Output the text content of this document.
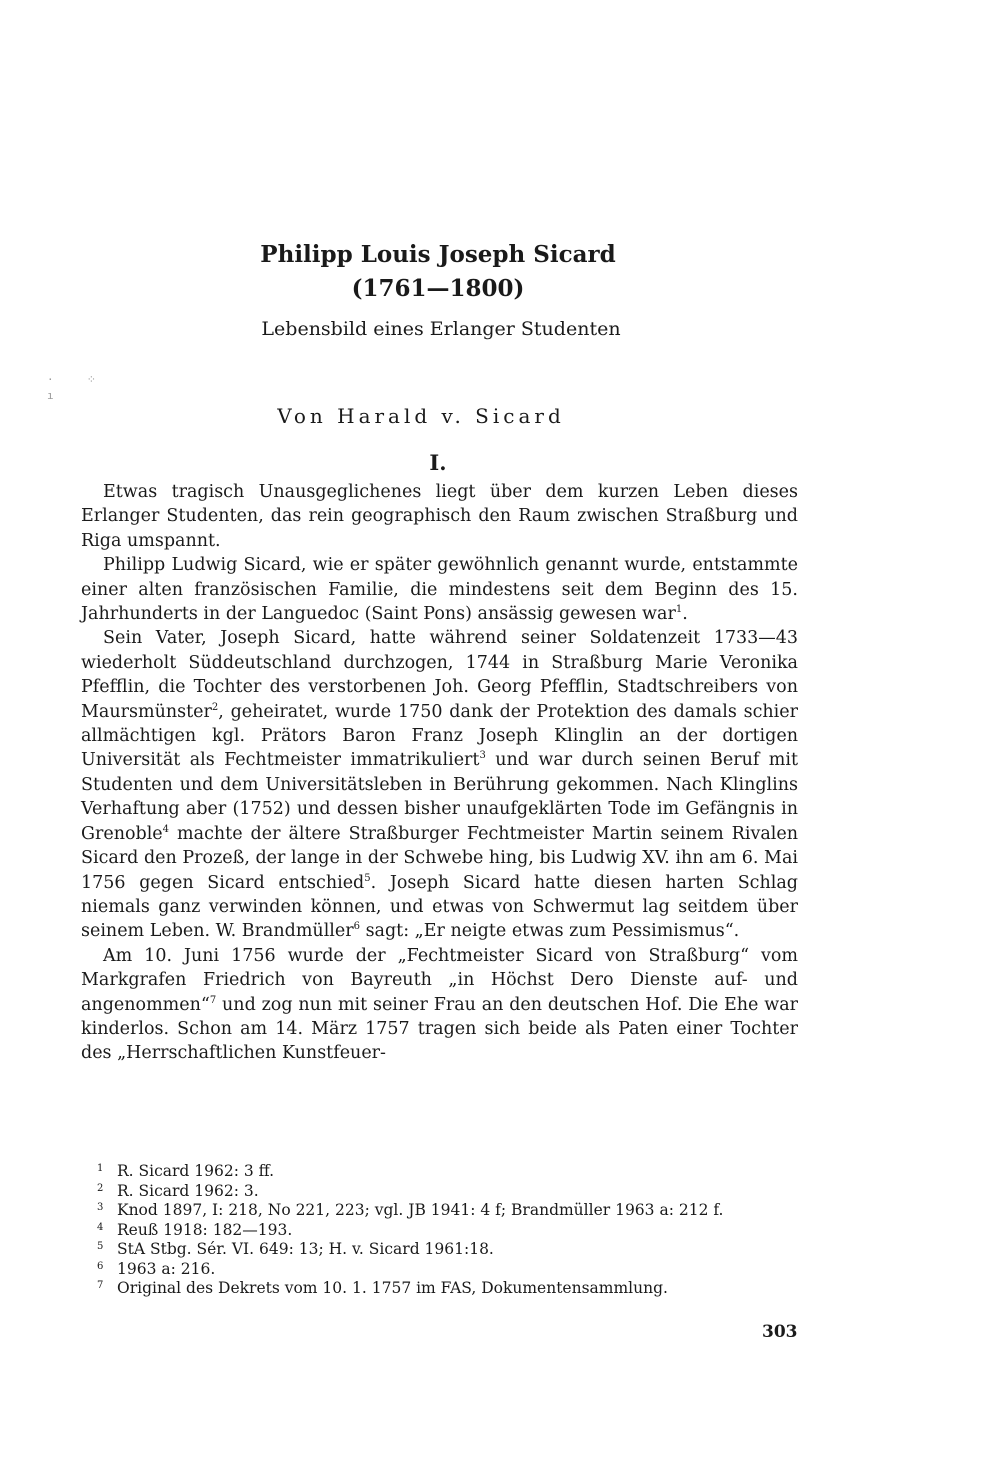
·     ⁘
ı
Philipp Louis Joseph Sicard
(1761—1800)
Lebensbild eines Erlanger Studenten
Von Harald v. Sicard
I.

Etwas tragisch Unausgeglichenes liegt über dem kurzen Leben dieses Erlanger Studenten, das rein geographisch den Raum zwischen Straßburg und Riga umspannt.

Philipp Ludwig Sicard, wie er später gewöhnlich genannt wurde, entstammte einer alten französischen Familie, die mindestens seit dem Beginn des 15. Jahrhunderts in der Languedoc (Saint Pons) ansässig gewesen war$^1$.

Sein Vater, Joseph Sicard, hatte während seiner Soldatenzeit 1733—43 wiederholt Süddeutschland durchzogen, 1744 in Straßburg Marie Veronika Pfefflin, die Tochter des verstorbenen Joh. Georg Pfefflin, Stadtschreibers von Maursmünster$^2$, geheiratet, wurde 1750 dank der Protektion des damals schier allmächtigen kgl. Prätors Baron Franz Joseph Klinglin an der dortigen Universität als Fechtmeister immatrikuliert$^3$ und war durch seinen Beruf mit Studenten und dem Universitätsleben in Berührung gekommen. Nach Klinglins Verhaftung aber (1752) und dessen bisher unaufgeklärten Tode im Gefängnis in Grenoble$^4$ machte der ältere Straßburger Fechtmeister Martin seinem Rivalen Sicard den Prozeß, der lange in der Schwebe hing, bis Ludwig XV. ihn am 6. Mai 1756 gegen Sicard entschied$^5$. Joseph Sicard hatte diesen harten Schlag niemals ganz verwinden können, und etwas von Schwermut lag seitdem über seinem Leben. W. Brandmüller$^6$ sagt: „Er neigte etwas zum Pessimismus“.

Am 10. Juni 1756 wurde der „Fechtmeister Sicard von Straßburg“ vom Markgrafen Friedrich von Bayreuth „in Höchst Dero Dienste auf- und angenommen“$^7$ und zog nun mit seiner Frau an den deutschen Hof. Die Ehe war kinderlos. Schon am 14. März 1757 tragen sich beide als Paten einer Tochter des „Herrschaftlichen Kunstfeuer-

1 R. Sicard 1962: 3 ff.
2 R. Sicard 1962: 3.
3 Knod 1897, I: 218, No 221, 223; vgl. JB 1941: 4 f; Brandmüller 1963 a: 212 f.
4 Reuß 1918: 182—193.
5 StA Stbg. Sér. VI. 649: 13; H. v. Sicard 1961:18.
6 1963 a: 216.
7 Original des Dekrets vom 10. 1. 1757 im FAS, Dokumentensammlung.
303
